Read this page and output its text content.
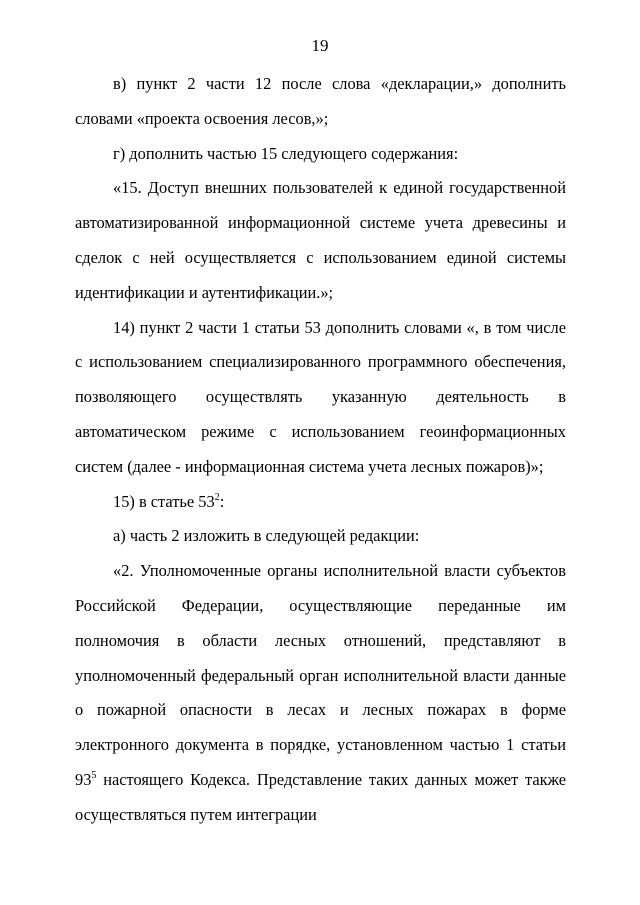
19

в) пункт 2 части 12 после слова «декларации,» дополнить словами «проекта освоения лесов,»;

г) дополнить частью 15 следующего содержания:

«15. Доступ внешних пользователей к единой государственной автоматизированной информационной системе учета древесины и сделок с ней осуществляется с использованием единой системы идентификации и аутентификации.»;

14) пункт 2 части 1 статьи 53 дополнить словами «, в том числе с использованием специализированного программного обеспечения, позволяющего осуществлять указанную деятельность в автоматическом режиме с использованием геоинформационных систем (далее - информационная система учета лесных пожаров)»;

15) в статье $53^2$:

а) часть 2 изложить в следующей редакции:

«2. Уполномоченные органы исполнительной власти субъектов Российской Федерации, осуществляющие переданные им полномочия в области лесных отношений, представляют в уполномоченный федеральный орган исполнительной власти данные о пожарной опасности в лесах и лесных пожарах в форме электронного документа в порядке, установленном частью 1 статьи $93^5$ настоящего Кодекса. Представление таких данных может также осуществляться путем интеграции
